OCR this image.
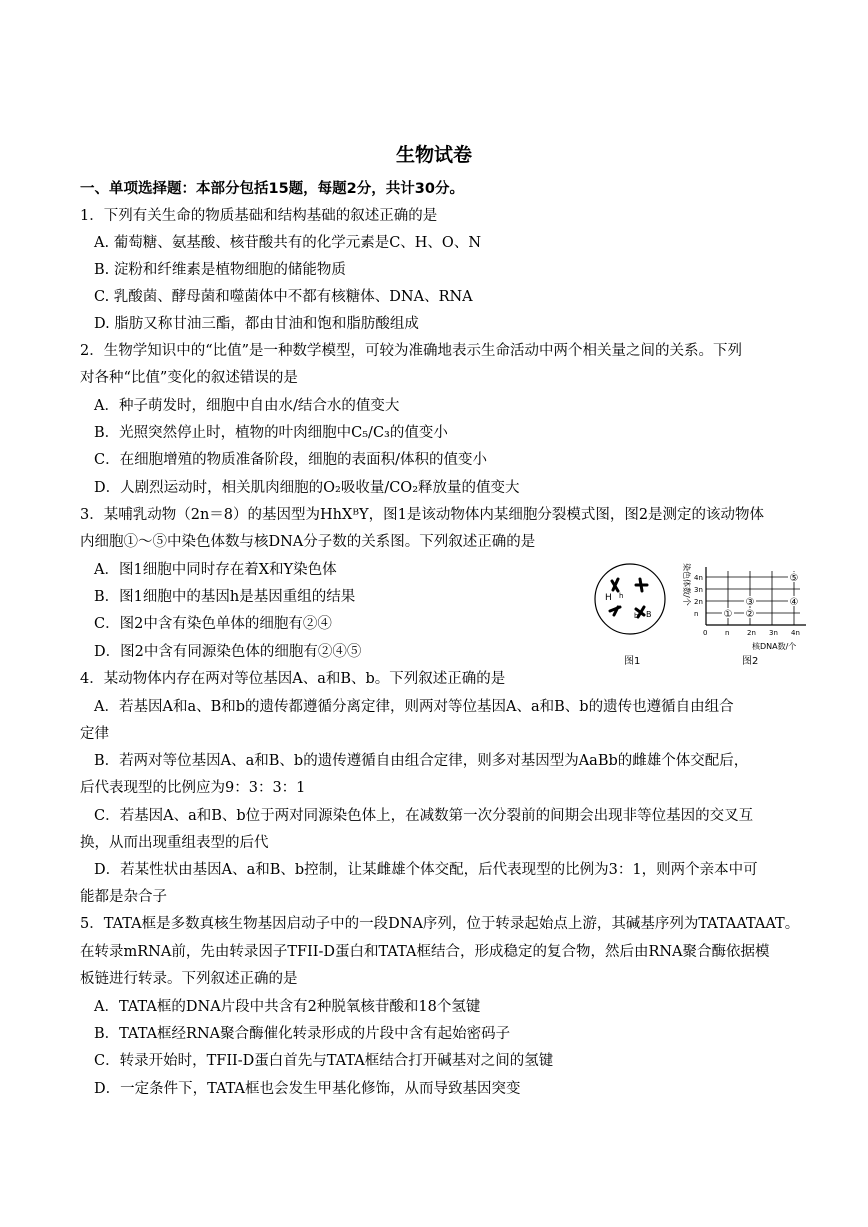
生物试卷
一、单项选择题：本部分包括15题，每题2分，共计30分。
1．下列有关生命的物质基础和结构基础的叙述正确的是
A. 葡萄糖、氨基酸、核苷酸共有的化学元素是C、H、O、N
B. 淀粉和纤维素是植物细胞的储能物质
C. 乳酸菌、酵母菌和噬菌体中不都有核糖体、DNA、RNA
D. 脂肪又称甘油三酯，都由甘油和饱和脂肪酸组成
2．生物学知识中的“比值”是一种数学模型，可较为准确地表示生命活动中两个相关量之间的关系。下列
对各种“比值”变化的叙述错误的是
A．种子萌发时，细胞中自由水/结合水的值变大
B．光照突然停止时，植物的叶肉细胞中C₅/C₃的值变小
C．在细胞增殖的物质准备阶段，细胞的表面积/体积的值变小
D．人剧烈运动时，相关肌肉细胞的O₂吸收量/CO₂释放量的值变大
3．某哺乳动物（2n＝8）的基因型为HhXᴮY，图1是该动物体内某细胞分裂模式图，图2是测定的该动物体
内细胞①～⑤中染色体数与核DNA分子数的关系图。下列叙述正确的是
A．图1细胞中同时存在着X和Y染色体
B．图1细胞中的基因h是基因重组的结果
C．图2中含有染色单体的细胞有②④
D．图2中含有同源染色体的细胞有②④⑤
H h
b B
图1
染色体数/个
n
2n
3n
4n
0	n	2n 3n 4n
① ②
③	④
⑤
核DNA数/个
图2
4．某动物体内存在两对等位基因A、a和B、b。下列叙述正确的是
A．若基因A和a、B和b的遗传都遵循分离定律，则两对等位基因A、a和B、b的遗传也遵循自由组合
定律
B．若两对等位基因A、a和B、b的遗传遵循自由组合定律，则多对基因型为AaBb的雌雄个体交配后，
后代表现型的比例应为9：3：3：1
C．若基因A、a和B、b位于两对同源染色体上，在减数第一次分裂前的间期会出现非等位基因的交叉互
换，从而出现重组表型的后代
D．若某性状由基因A、a和B、b控制，让某雌雄个体交配，后代表现型的比例为3：1，则两个亲本中可
能都是杂合子
5．TATA框是多数真核生物基因启动子中的一段DNA序列，位于转录起始点上游，其碱基序列为TATAATAAT。
在转录mRNA前，先由转录因子TFII-D蛋白和TATA框结合，形成稳定的复合物，然后由RNA聚合酶依据模
板链进行转录。下列叙述正确的是
A．TATA框的DNA片段中共含有2种脱氧核苷酸和18个氢键
B．TATA框经RNA聚合酶催化转录形成的片段中含有起始密码子
C．转录开始时，TFII-D蛋白首先与TATA框结合打开碱基对之间的氢键
D．一定条件下，TATA框也会发生甲基化修饰，从而导致基因突变
